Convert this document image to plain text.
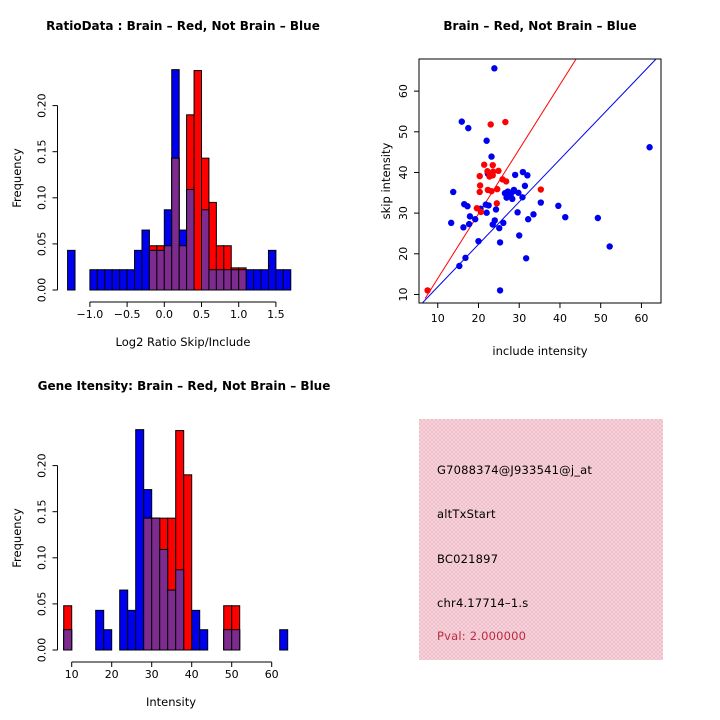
RatioData : Brain – Red, Not Brain – Blue	Brain – Red, Not Brain – Blue
Gene Itensity: Brain – Red, Not Brain – Blue
Log2 Ratio Skip/Include
Frequency
include intensity
skip intensity
Intensity
Frequency
0.00
0.05
0.10
0.15
0.20
−1.0 −0.5 0.0 0.5 1.0 1.5	10 20 30 40 50 60
10
20
30
40
50
60
0.00
0.05
0.10
0.15
0.20
10 20 30 40 50 60
G7088374@J933541@j_at
altTxStart
BC021897
chr4.17714–1.s
Pval: 2.000000
